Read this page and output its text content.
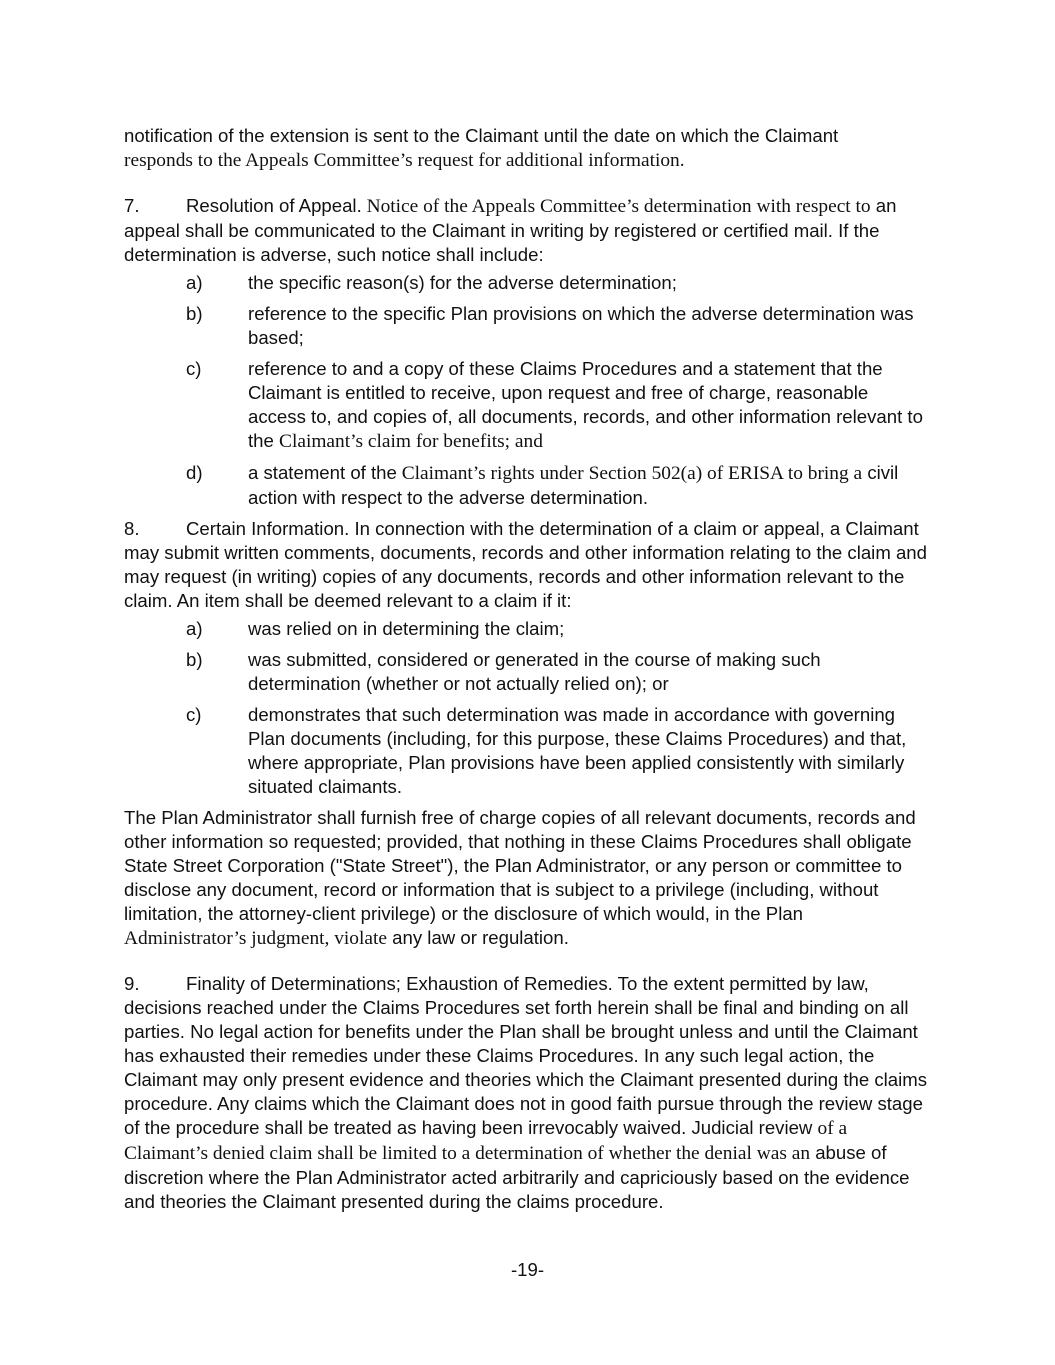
notification of the extension is sent to the Claimant until the date on which the Claimant
responds to the Appeals Committee’s request for additional information.

7. Resolution of Appeal. Notice of the Appeals Committee’s determination with respect to an appeal shall be communicated to the Claimant in writing by registered or certified mail. If the determination is adverse, such notice shall include:

a)	the specific reason(s) for the adverse determination;
b)	reference to the specific Plan provisions on which the adverse determination was based;
c)	reference to and a copy of these Claims Procedures and a statement that the Claimant is entitled to receive, upon request and free of charge, reasonable access to, and copies of, all documents, records, and other information relevant to the Claimant’s claim for benefits; and
d)	a statement of the Claimant’s rights under Section 502(a) of ERISA to bring a civil action with respect to the adverse determination.

8. Certain Information. In connection with the determination of a claim or appeal, a Claimant may submit written comments, documents, records and other information relating to the claim and may request (in writing) copies of any documents, records and other information relevant to the claim. An item shall be deemed relevant to a claim if it:

a)	was relied on in determining the claim;
b)	was submitted, considered or generated in the course of making such determination (whether or not actually relied on); or
c)	demonstrates that such determination was made in accordance with governing Plan documents (including, for this purpose, these Claims Procedures) and that, where appropriate, Plan provisions have been applied consistently with similarly situated claimants.

The Plan Administrator shall furnish free of charge copies of all relevant documents, records and other information so requested; provided, that nothing in these Claims Procedures shall obligate State Street Corporation ("State Street"), the Plan Administrator, or any person or committee to disclose any document, record or information that is subject to a privilege (including, without limitation, the attorney-client privilege) or the disclosure of which would, in the Plan Administrator’s judgment, violate any law or regulation.

9. Finality of Determinations; Exhaustion of Remedies. To the extent permitted by law, decisions reached under the Claims Procedures set forth herein shall be final and binding on all parties. No legal action for benefits under the Plan shall be brought unless and until the Claimant has exhausted their remedies under these Claims Procedures. In any such legal action, the Claimant may only present evidence and theories which the Claimant presented during the claims procedure. Any claims which the Claimant does not in good faith pursue through the review stage of the procedure shall be treated as having been irrevocably waived. Judicial review of a Claimant’s denied claim shall be limited to a determination of whether the denial was an abuse of discretion where the Plan Administrator acted arbitrarily and capriciously based on the evidence and theories the Claimant presented during the claims procedure.

-19-
